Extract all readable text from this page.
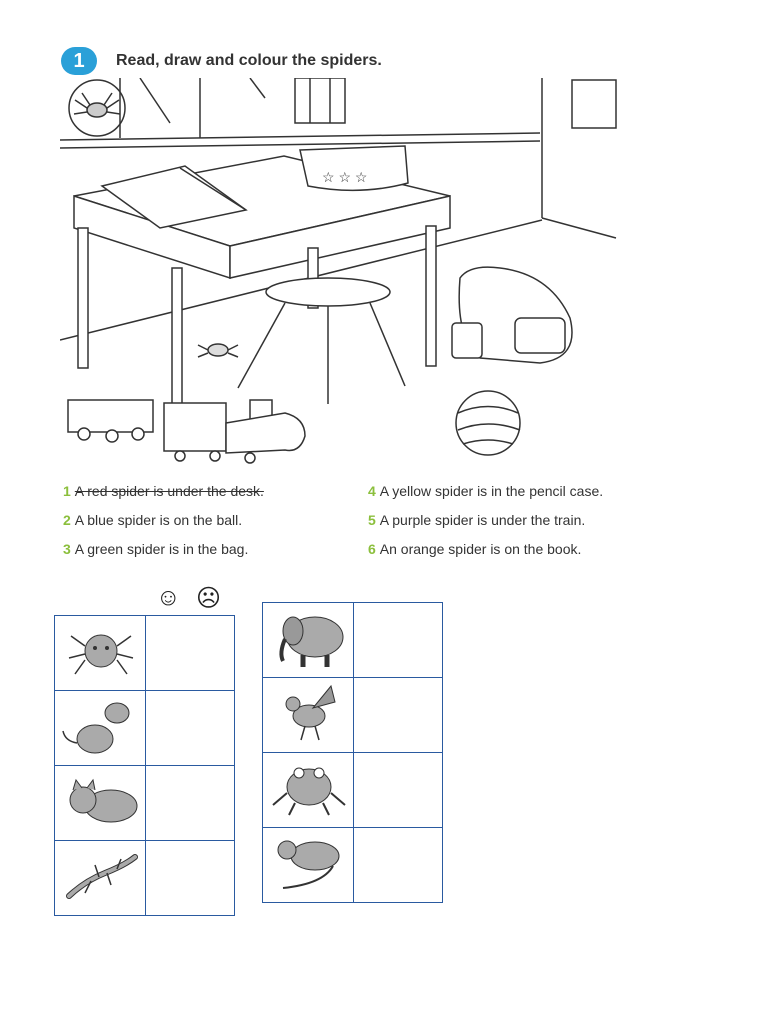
1	Read, draw and colour the spiders.
☆ ☆ ☆
1 A red spider is under the desk.
2 A blue spider is on the ball.
3 A green spider is in the bag.
4 A yellow spider is in the pencil case.
5 A purple spider is under the train.
6 An orange spider is on the book.
☺ ☹
